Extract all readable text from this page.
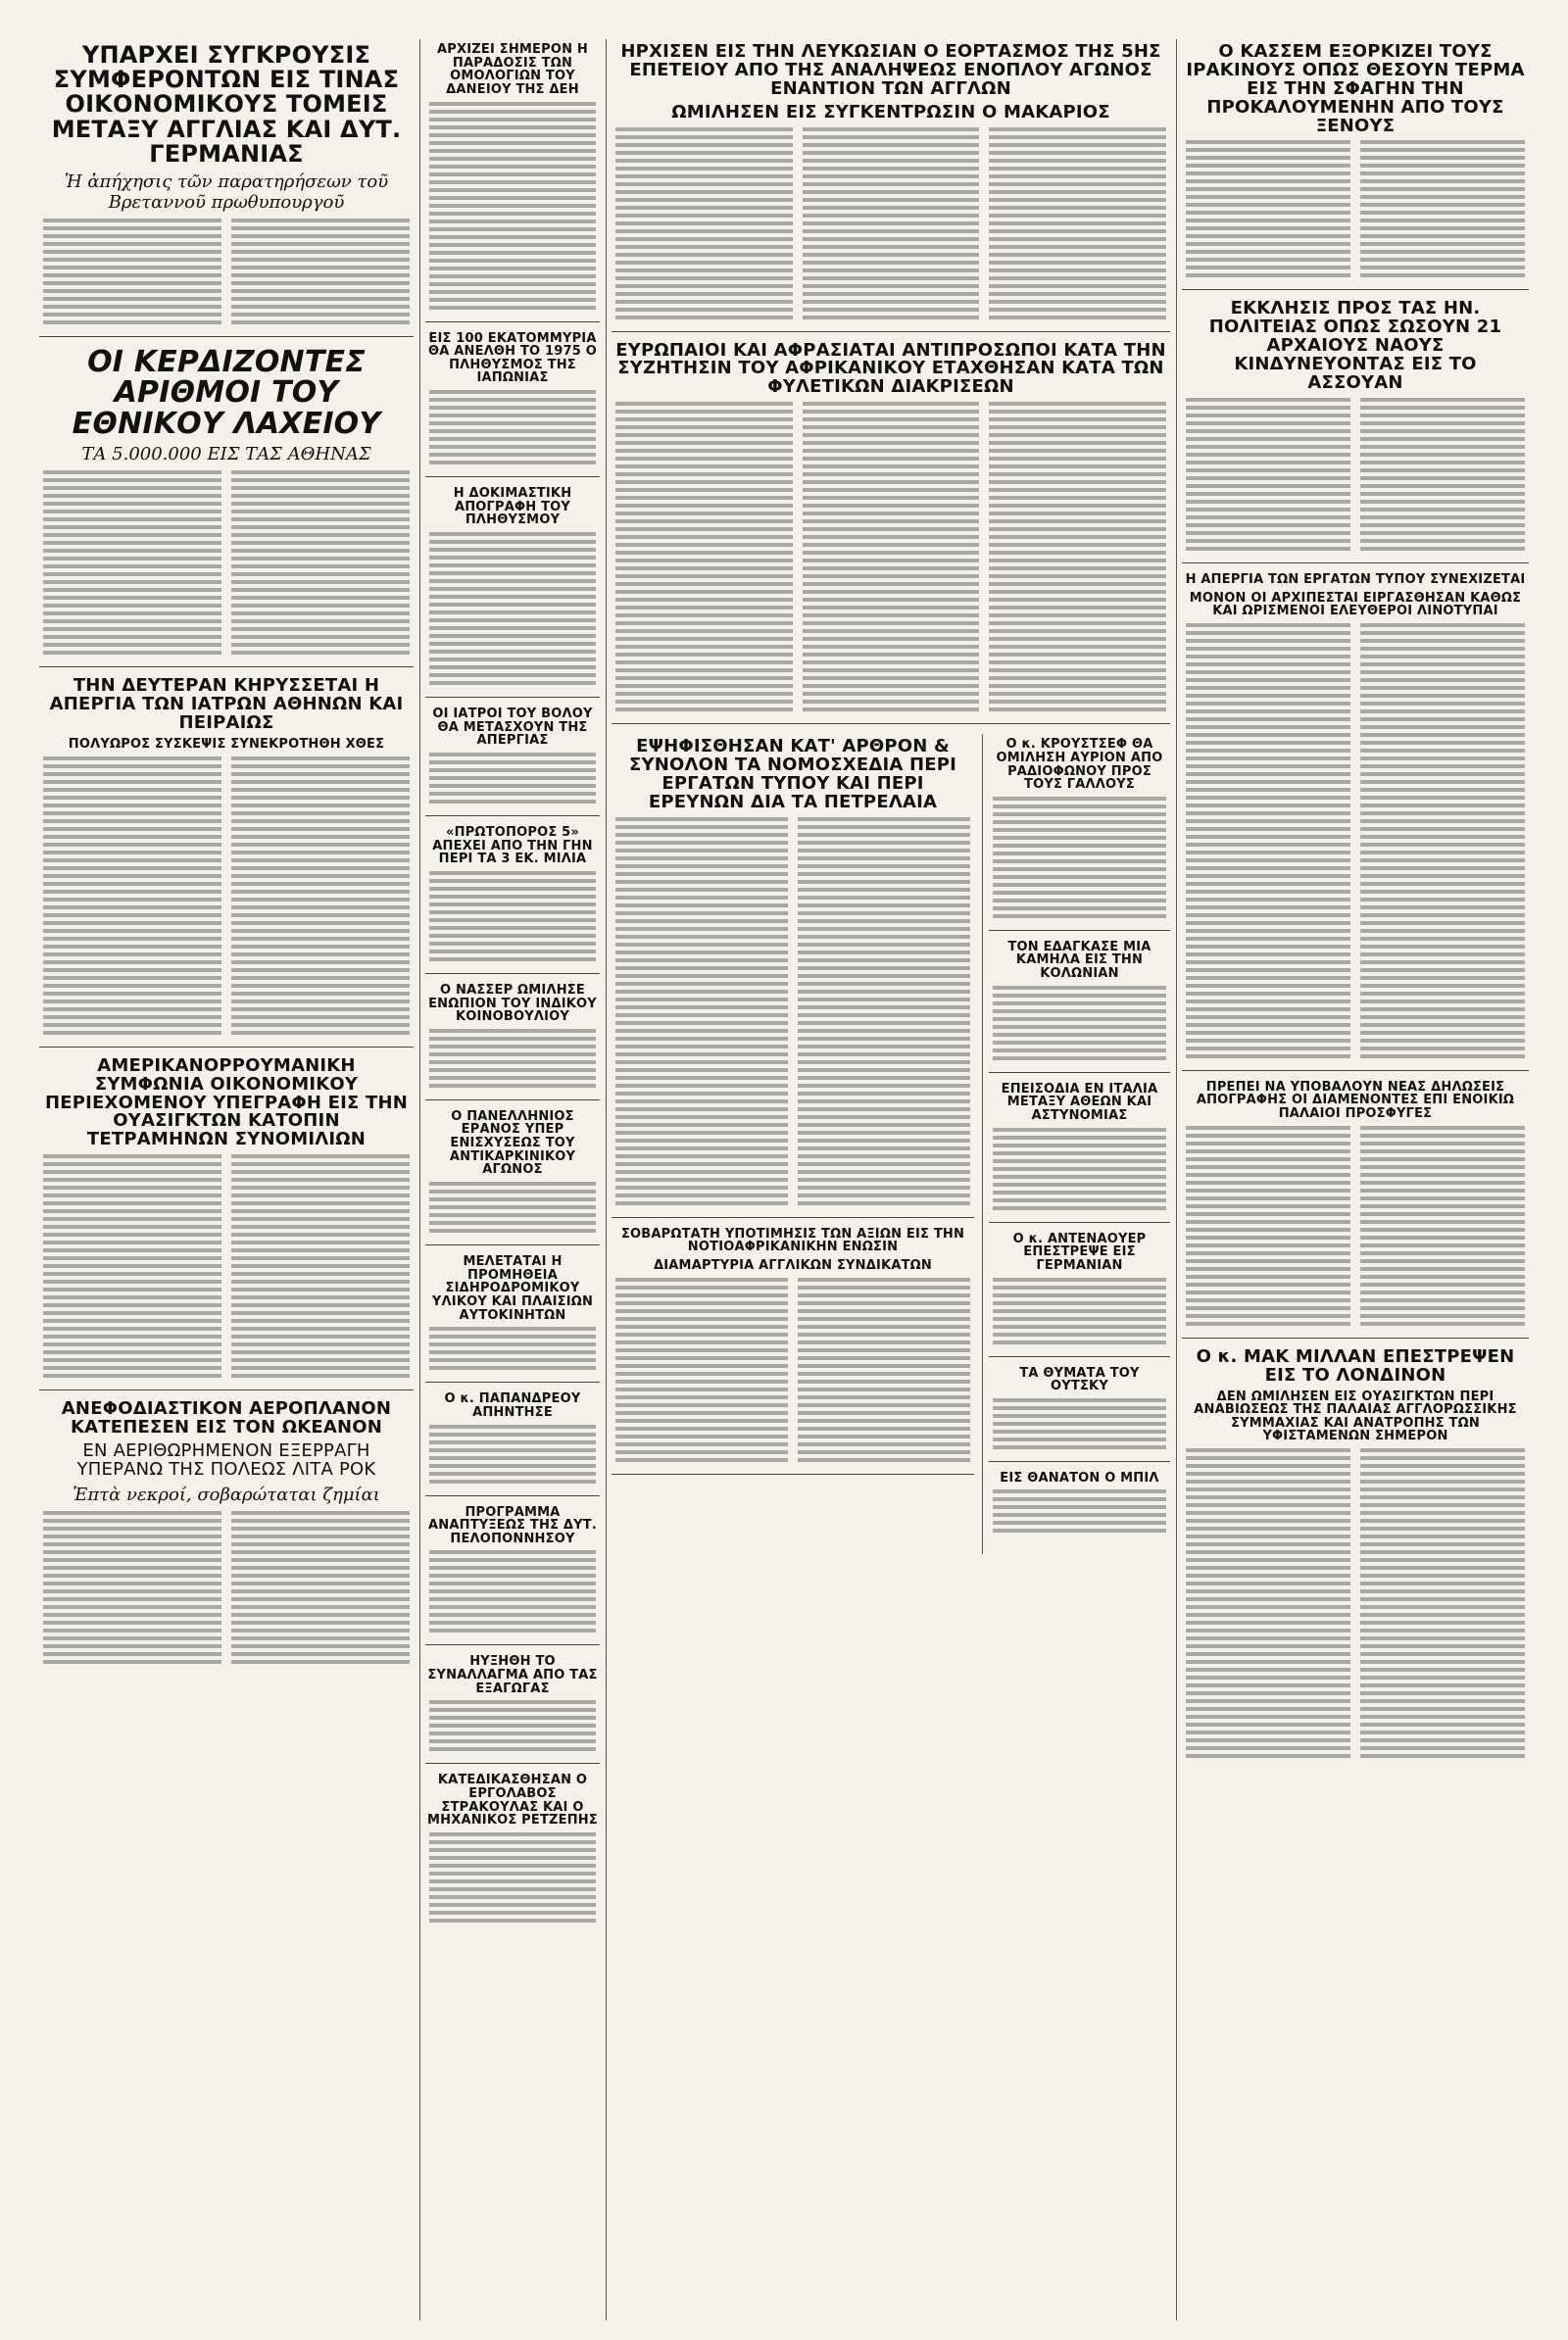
ΥΠΑΡΧΕΙ ΣΥΓΚΡΟΥΣΙΣ ΣΥΜΦΕΡΟΝΤΩΝ ΕΙΣ ΤΙΝΑΣ ΟΙΚΟΝΟΜΙΚΟΥΣ ΤΟΜΕΙΣ ΜΕΤΑΞΥ ΑΓΓΛΙΑΣ ΚΑΙ ΔΥΤ. ΓΕΡΜΑΝΙΑΣ
Ἡ ἀπήχησις τῶν παρατηρήσεων τοῦ Βρεταννοῦ πρωθυπουργοῦ
ΟΙ ΚΕΡΔΙΖΟΝΤΕΣ ΑΡΙΘΜΟΙ ΤΟΥ ΕΘΝΙΚΟΥ ΛΑΧΕΙΟΥ
ΤΑ 5.000.000 ΕΙΣ ΤΑΣ ΑΘΗΝΑΣ
ΤΗΝ ΔΕΥΤΕΡΑΝ ΚΗΡΥΣΣΕΤΑΙ Η ΑΠΕΡΓΙΑ ΤΩΝ ΙΑΤΡΩΝ ΑΘΗΝΩΝ ΚΑΙ ΠΕΙΡΑΙΩΣ
ΠΟΛΥΩΡΟΣ ΣΥΣΚΕΨΙΣ ΣΥΝΕΚΡΟΤΗΘΗ ΧΘΕΣ
ΑΜΕΡΙΚΑΝΟΡΡΟΥΜΑΝΙΚΗ ΣΥΜΦΩΝΙΑ ΟΙΚΟΝΟΜΙΚΟΥ ΠΕΡΙΕΧΟΜΕΝΟΥ ΥΠΕΓΡΑΦΗ ΕΙΣ ΤΗΝ ΟΥΑΣΙΓΚΤΩΝ ΚΑΤΟΠΙΝ ΤΕΤΡΑΜΗΝΩΝ ΣΥΝΟΜΙΛΙΩΝ
ΑΝΕΦΟΔΙΑΣΤΙΚΟΝ ΑΕΡΟΠΛΑΝΟΝ ΚΑΤΕΠΕΣΕΝ ΕΙΣ ΤΟΝ ΩΚΕΑΝΟΝ
ΕΝ ΑΕΡΙΘΩΡΗΜΕΝΟΝ ΕΞΕΡΡΑΓΗ ΥΠΕΡΑΝΩ ΤΗΣ ΠΟΛΕΩΣ ΛΙΤΑ ΡΟΚ
Ἑπτὰ νεκροί, σοβαρώταται ζημίαι
ΑΡΧΙΖΕΙ ΣΗΜΕΡΟΝ Η ΠΑΡΑΔΟΣΙΣ ΤΩΝ ΟΜΟΛΟΓΙΩΝ ΤΟΥ ΔΑΝΕΙΟΥ ΤΗΣ ΔΕΗ
ΕΙΣ 100 ΕΚΑΤΟΜΜΥΡΙΑ ΘΑ ΑΝΕΛΘΗ ΤΟ 1975 Ο ΠΛΗΘΥΣΜΟΣ ΤΗΣ ΙΑΠΩΝΙΑΣ
Η ΔΟΚΙΜΑΣΤΙΚΗ ΑΠΟΓΡΑΦΗ ΤΟΥ ΠΛΗΘΥΣΜΟΥ
ΟΙ ΙΑΤΡΟΙ ΤΟΥ ΒΟΛΟΥ ΘΑ ΜΕΤΑΣΧΟΥΝ ΤΗΣ ΑΠΕΡΓΙΑΣ
«ΠΡΩΤΟΠΟΡΟΣ 5» ΑΠΕΧΕΙ ΑΠΟ ΤΗΝ ΓΗΝ ΠΕΡΙ ΤΑ 3 ΕΚ. ΜΙΛΙΑ
Ο ΝΑΣΣΕΡ ΩΜΙΛΗΣΕ ΕΝΩΠΙΟΝ ΤΟΥ ΙΝΔΙΚΟΥ ΚΟΙΝΟΒΟΥΛΙΟΥ
Ο ΠΑΝΕΛΛΗΝΙΟΣ ΕΡΑΝΟΣ ΥΠΕΡ ΕΝΙΣΧΥΣΕΩΣ ΤΟΥ ΑΝΤΙΚΑΡΚΙΝΙΚΟΥ ΑΓΩΝΟΣ
ΜΕΛΕΤΑΤΑΙ Η ΠΡΟΜΗΘΕΙΑ ΣΙΔΗΡΟΔΡΟΜΙΚΟΥ ΥΛΙΚΟΥ ΚΑΙ ΠΛΑΙΣΙΩΝ ΑΥΤΟΚΙΝΗΤΩΝ
Ο κ. ΠΑΠΑΝΔΡΕΟΥ ΑΠΗΝΤΗΣΕ
ΠΡΟΓΡΑΜΜΑ ΑΝΑΠΤΥΞΕΩΣ ΤΗΣ ΔΥΤ. ΠΕΛΟΠΟΝΝΗΣΟΥ
ΗΥΞΗΘΗ ΤΟ ΣΥΝΑΛΛΑΓΜΑ ΑΠΟ ΤΑΣ ΕΞΑΓΩΓΑΣ
ΚΑΤΕΔΙΚΑΣΘΗΣΑΝ Ο ΕΡΓΟΛΑΒΟΣ ΣΤΡΑΚΟΥΛΑΣ ΚΑΙ Ο ΜΗΧΑΝΙΚΟΣ ΡΕΤΖΕΠΗΣ
ΗΡΧΙΣΕΝ ΕΙΣ ΤΗΝ ΛΕΥΚΩΣΙΑΝ Ο ΕΟΡΤΑΣΜΟΣ ΤΗΣ 5ΗΣ ΕΠΕΤΕΙΟΥ ΑΠΟ ΤΗΣ ΑΝΑΛΗΨΕΩΣ ΕΝΟΠΛΟΥ ΑΓΩΝΟΣ ΕΝΑΝΤΙΟΝ ΤΩΝ ΑΓΓΛΩΝ
ΩΜΙΛΗΣΕΝ ΕΙΣ ΣΥΓΚΕΝΤΡΩΣΙΝ Ο ΜΑΚΑΡΙΟΣ
ΕΥΡΩΠΑΙΟΙ ΚΑΙ ΑΦΡΑΣΙΑΤΑΙ ΑΝΤΙΠΡΟΣΩΠΟΙ ΚΑΤΑ ΤΗΝ ΣΥΖΗΤΗΣΙΝ ΤΟΥ ΑΦΡΙΚΑΝΙΚΟΥ ΕΤΑΧΘΗΣΑΝ ΚΑΤΑ ΤΩΝ ΦΥΛΕΤΙΚΩΝ ΔΙΑΚΡΙΣΕΩΝ
ΕΨΗΦΙΣΘΗΣΑΝ ΚΑΤ' ΑΡΘΡΟΝ & ΣΥΝΟΛΟΝ ΤΑ ΝΟΜΟΣΧΕΔΙΑ ΠΕΡΙ ΕΡΓΑΤΩΝ ΤΥΠΟΥ ΚΑΙ ΠΕΡΙ ΕΡΕΥΝΩΝ ΔΙΑ ΤΑ ΠΕΤΡΕΛΑΙΑ
ΣΟΒΑΡΩΤΑΤΗ ΥΠΟΤΙΜΗΣΙΣ ΤΩΝ ΑΞΙΩΝ ΕΙΣ ΤΗΝ ΝΟΤΙΟΑΦΡΙΚΑΝΙΚΗΝ ΕΝΩΣΙΝ
ΔΙΑΜΑΡΤΥΡΙΑ ΑΓΓΛΙΚΩΝ ΣΥΝΔΙΚΑΤΩΝ
Ο κ. ΚΡΟΥΣΤΣΕΦ ΘΑ ΟΜΙΛΗΣΗ ΑΥΡΙΟΝ ΑΠΟ ΡΑΔΙΟΦΩΝΟΥ ΠΡΟΣ ΤΟΥΣ ΓΑΛΛΟΥΣ
ΤΟΝ ΕΔΑΓΚΑΣΕ ΜΙΑ ΚΑΜΗΛΑ ΕΙΣ ΤΗΝ ΚΟΛΩΝΙΑΝ
ΕΠΕΙΣΟΔΙΑ ΕΝ ΙΤΑΛΙΑ ΜΕΤΑΞΥ ΑΘΕΩΝ ΚΑΙ ΑΣΤΥΝΟΜΙΑΣ
Ο κ. ΑΝΤΕΝΑΟΥΕΡ ΕΠΕΣΤΡΕΨΕ ΕΙΣ ΓΕΡΜΑΝΙΑΝ
ΤΑ ΘΥΜΑΤΑ ΤΟΥ ΟΥΤΣΚΥ
ΕΙΣ ΘΑΝΑΤΟΝ Ο ΜΠΙΛ
Ο ΚΑΣΣΕΜ ΕΞΟΡΚΙΖΕΙ ΤΟΥΣ ΙΡΑΚΙΝΟΥΣ ΟΠΩΣ ΘΕΣΟΥΝ ΤΕΡΜΑ ΕΙΣ ΤΗΝ ΣΦΑΓΗΝ ΤΗΝ ΠΡΟΚΑΛΟΥΜΕΝΗΝ ΑΠΟ ΤΟΥΣ ΞΕΝΟΥΣ
ΕΚΚΛΗΣΙΣ ΠΡΟΣ ΤΑΣ ΗΝ. ΠΟΛΙΤΕΙΑΣ ΟΠΩΣ ΣΩΣΟΥΝ 21 ΑΡΧΑΙΟΥΣ ΝΑΟΥΣ ΚΙΝΔΥΝΕΥΟΝΤΑΣ ΕΙΣ ΤΟ ΑΣΣΟΥΑΝ
Η ΑΠΕΡΓΙΑ ΤΩΝ ΕΡΓΑΤΩΝ ΤΥΠΟΥ ΣΥΝΕΧΙΖΕΤΑΙ
ΜΟΝΟΝ ΟΙ ΑΡΧΙΠΕΣΤΑΙ ΕΙΡΓΑΣΘΗΣΑΝ ΚΑΘΩΣ ΚΑΙ ΩΡΙΣΜΕΝΟΙ ΕΛΕΥΘΕΡΟΙ ΛΙΝΟΤΥΠΑΙ
ΠΡΕΠΕΙ ΝΑ ΥΠΟΒΑΛΟΥΝ ΝΕΑΣ ΔΗΛΩΣΕΙΣ ΑΠΟΓΡΑΦΗΣ ΟΙ ΔΙΑΜΕΝΟΝΤΕΣ ΕΠΙ ΕΝΟΙΚΙΩ ΠΑΛΑΙΟΙ ΠΡΟΣΦΥΓΕΣ
Ο κ. ΜΑΚ ΜΙΛΛΑΝ ΕΠΕΣΤΡΕΨΕΝ ΕΙΣ ΤΟ ΛΟΝΔΙΝΟΝ
ΔΕΝ ΩΜΙΛΗΣΕΝ ΕΙΣ ΟΥΑΣΙΓΚΤΩΝ ΠΕΡΙ ΑΝΑΒΙΩΣΕΩΣ ΤΗΣ ΠΑΛΑΙΑΣ ΑΓΓΛΟΡΩΣΣΙΚΗΣ ΣΥΜΜΑΧΙΑΣ ΚΑΙ ΑΝΑΤΡΟΠΗΣ ΤΩΝ ΥΦΙΣΤΑΜΕΝΩΝ ΣΗΜΕΡΟΝ
